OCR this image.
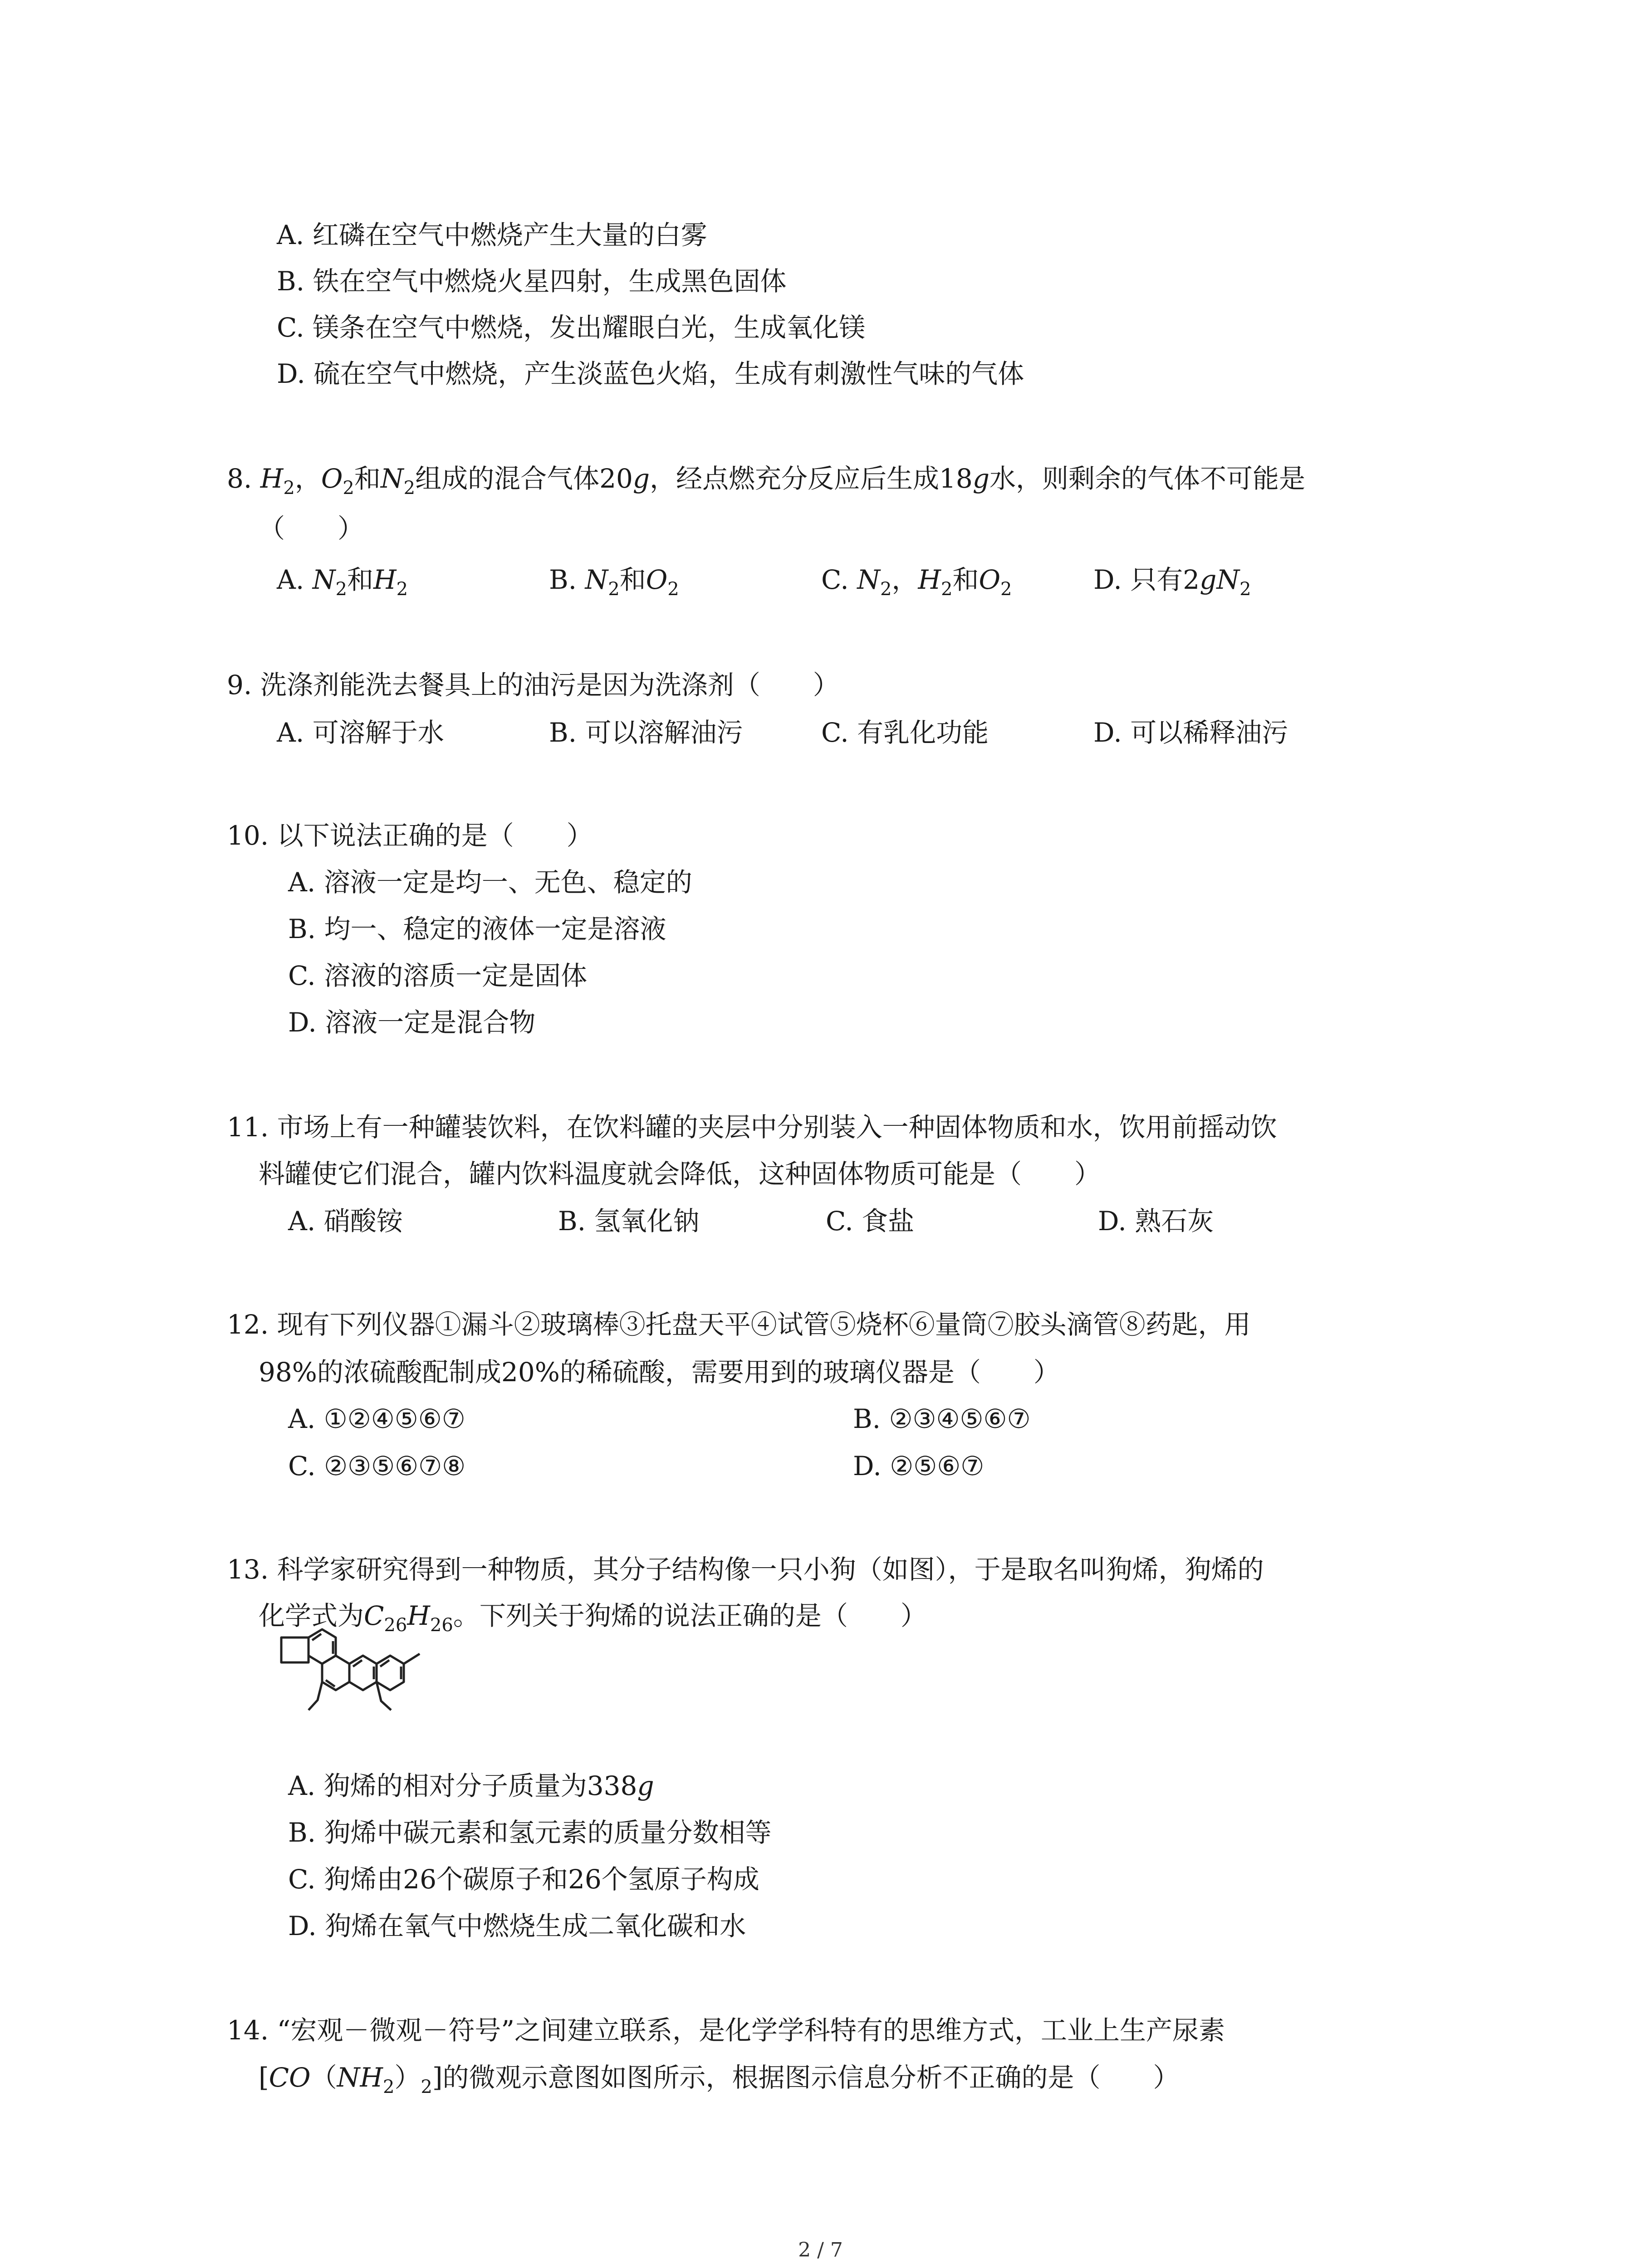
A. 红磷在空气中燃烧产生大量的白雾
B. 铁在空气中燃烧火星四射，生成黑色固体
C. 镁条在空气中燃烧，发出耀眼白光，生成氧化镁
D. 硫在空气中燃烧，产生淡蓝色火焰，生成有刺激性气味的气体
8. $H_2$，$O_2$和$N_2$组成的混合气体20g，经点燃充分反应后生成18g水，则剩余的气体不可能是
（　　）
A. $N_2$和$H_2$	B. $N_2$和$O_2$	C. $N_2$，$H_2$和$O_2$	D. 只有$2gN_2$
9. 洗涤剂能洗去餐具上的油污是因为洗涤剂（　　）
A. 可溶解于水	B. 可以溶解油污	C. 有乳化功能	D. 可以稀释油污
10. 以下说法正确的是（　　）
A. 溶液一定是均一、无色、稳定的
B. 均一、稳定的液体一定是溶液
C. 溶液的溶质一定是固体
D. 溶液一定是混合物
11. 市场上有一种罐装饮料，在饮料罐的夹层中分别装入一种固体物质和水，饮用前摇动饮
料罐使它们混合，罐内饮料温度就会降低，这种固体物质可能是（　　）
A. 硝酸铵	B. 氢氧化钠	C. 食盐	D. 熟石灰
12. 现有下列仪器①漏斗②玻璃棒③托盘天平④试管⑤烧杯⑥量筒⑦胶头滴管⑧药匙，用
98%的浓硫酸配制成20%的稀硫酸，需要用到的玻璃仪器是（　　）
A. ①②④⑤⑥⑦	B. ②③④⑤⑥⑦
C. ②③⑤⑥⑦⑧	D. ②⑤⑥⑦
13. 科学家研究得到一种物质，其分子结构像一只小狗（如图），于是取名叫狗烯，狗烯的
化学式为$C_{26}H_{26}$。下列关于狗烯的说法正确的是（　　）
A. 狗烯的相对分子质量为338g
B. 狗烯中碳元素和氢元素的质量分数相等
C. 狗烯由26个碳原子和26个氢原子构成
D. 狗烯在氧气中燃烧生成二氧化碳和水
14. “宏观－微观－符号”之间建立联系，是化学学科特有的思维方式，工业上生产尿素
$[CO(NH_2)_2]$的微观示意图如图所示，根据图示信息分析不正确的是（　　）
2 / 7
